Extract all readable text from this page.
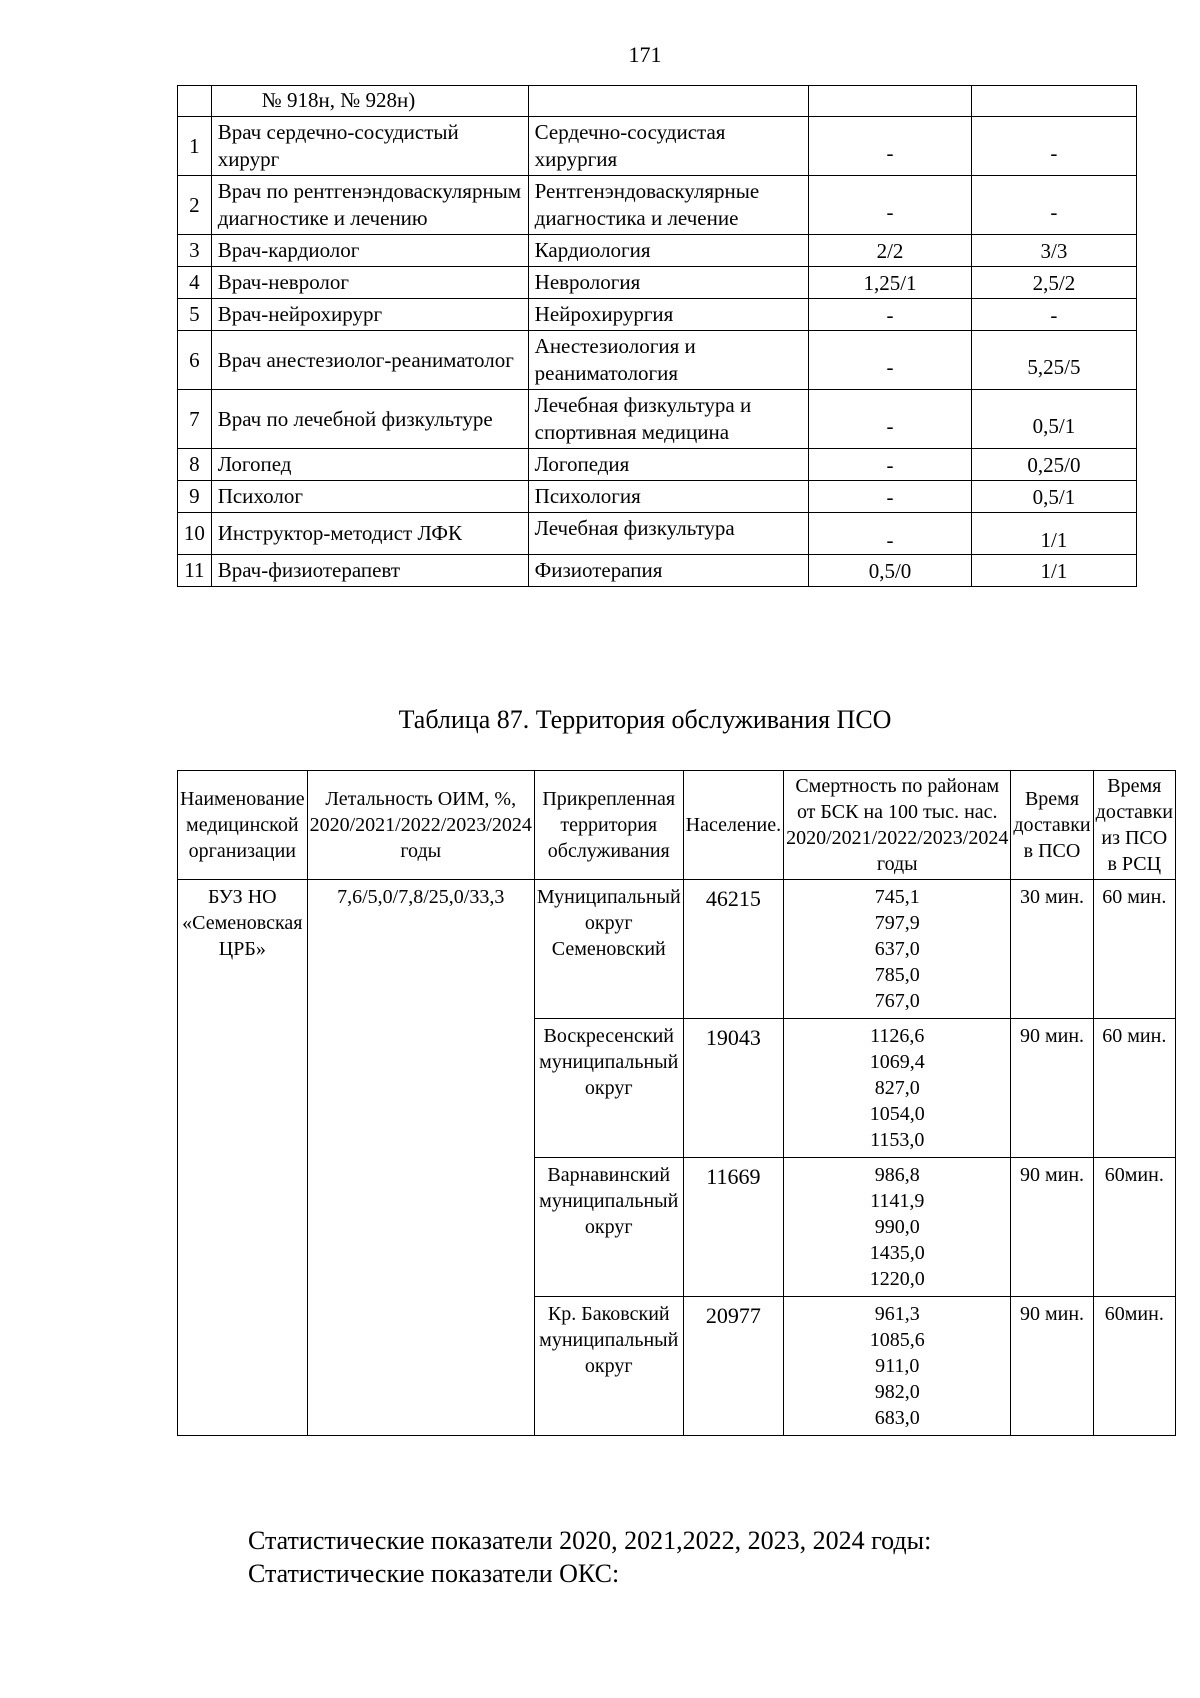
171
	№ 918н, № 928н)			
1	Врач сердечно-сосудистый хирург	Сердечно-сосудистая хирургия	-	-
2	Врач по рентгенэндоваскулярным диагностике и лечению	Рентгенэндоваскулярные диагностика и лечение	-	-
3	Врач-кардиолог	Кардиология	2/2	3/3
4	Врач-невролог	Неврология	1,25/1	2,5/2
5	Врач-нейрохирург	Нейрохирургия	-	-
6	Врач анестезиолог-реаниматолог	Анестезиология и реаниматология	-	5,25/5
7	Врач по лечебной физкультуре	Лечебная физкультура и спортивная медицина	-	0,5/1
8	Логопед	Логопедия	-	0,25/0
9	Психолог	Психология	-	0,5/1
10	Инструктор-методист ЛФК	Лечебная физкультура	-	1/1
11	Врач-физиотерапевт	Физиотерапия	0,5/0	1/1
Таблица 87. Территория обслуживания ПСО
Наименование медицинской организации	Летальность ОИМ, %, 2020/2021/2022/2023/2024 годы	Прикрепленная территория обслуживания	Население.	Смертность по районам от БСК на 100 тыс. нас. 2020/2021/2022/2023/2024 годы	Время доставки в ПСО	Время доставки из ПСО в РСЦ
БУЗ НО «Семеновская ЦРБ»	7,6/5,0/7,8/25,0/33,3	Муниципальный округ Семеновский	46215	745,1
797,9
637,0
785,0
767,0	30 мин.	60 мин.
		Воскресенский муниципальный округ	19043	1126,6
1069,4
827,0
1054,0
1153,0	90 мин.	60 мин.
		Варнавинский муниципальный округ	11669	986,8
1141,9
990,0
1435,0
1220,0	90 мин.	60мин.
		Кр. Баковский муниципальный округ	20977	961,3
1085,6
911,0
982,0
683,0	90 мин.	60мин.
Статистические показатели 2020, 2021,2022, 2023, 2024 годы:
Статистические показатели ОКС:
